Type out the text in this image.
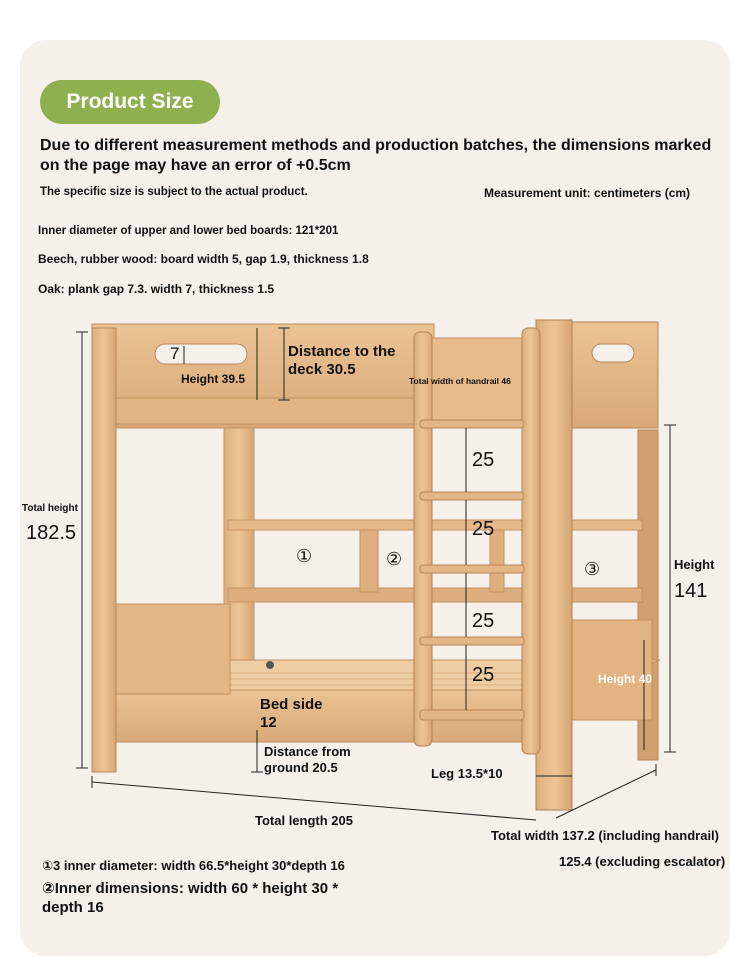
Product Size
Due to different measurement methods and production batches, the dimensions marked on the page may have an error of +0.5cm
The specific size is subject to the actual product.	Measurement unit: centimeters (cm)
Inner diameter of upper and lower bed boards: 121*201
Beech, rubber wood: board width 5, gap 1.9, thickness 1.8
Oak: plank gap 7.3. width 7, thickness 1.5
Total height
182.5
7
Height 39.5
Distance to the deck 30.5
Total width of handrail 46
25
25
25
25
①	②	③	Height
141
Height 40
Bed side 12
Distance from ground 20.5	Leg 13.5*10
Total length 205
Total width 137.2 (including handrail)
125.4 (excluding escalator)
①3 inner diameter: width 66.5*height 30*depth 16
②Inner dimensions: width 60 * height 30 * depth 16
